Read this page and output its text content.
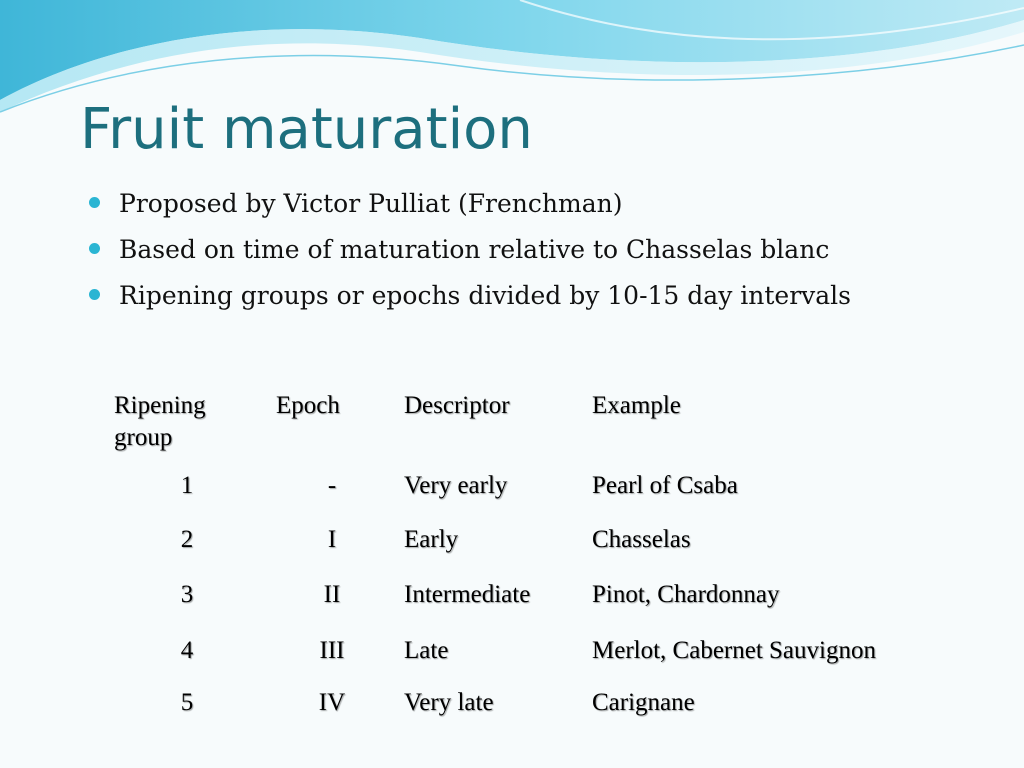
Fruit maturation
Proposed by Victor Pulliat (Frenchman)
Based on time of maturation relative to Chasselas blanc
Ripening groups or epochs divided by 10-15 day intervals
Ripening group	Epoch	Descriptor	Example
1	-	Very early	Pearl of Csaba
2	I	Early	Chasselas
3	II	Intermediate	Pinot, Chardonnay
4	III	Late	Merlot, Cabernet Sauvignon
5	IV	Very late	Carignane
